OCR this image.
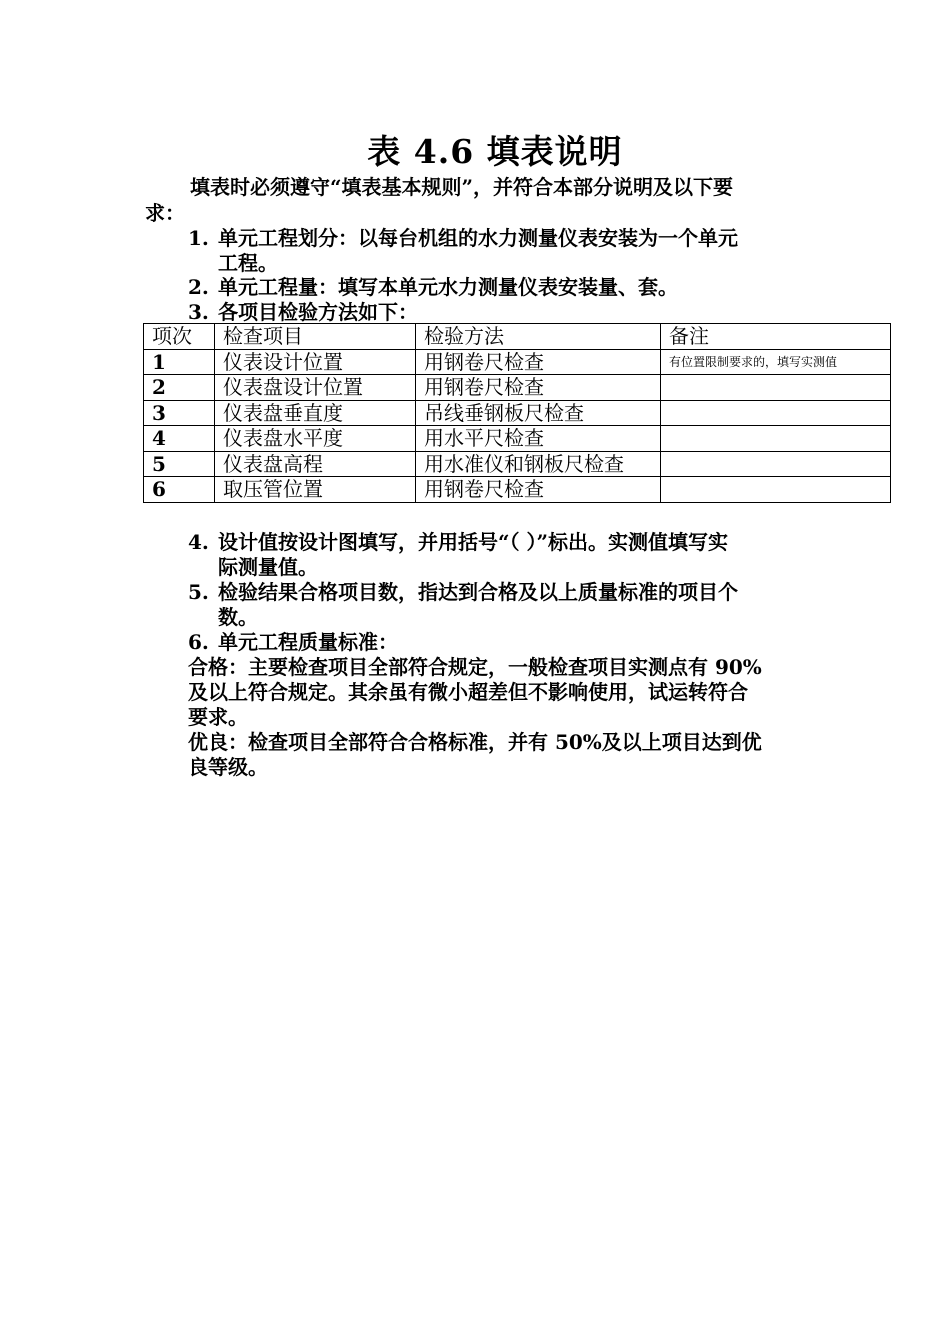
表 4.6 填表说明
填表时必须遵守“填表基本规则”，并符合本部分说明及以下要
求：
1. 单元工程划分：以每台机组的水力测量仪表安装为一个单元
工程。
2. 单元工程量：填写本单元水力测量仪表安装量、套。
3. 各项目检验方法如下：
项次	检查项目	检验方法	备注
1	仪表设计位置	用钢卷尺检查	有位置限制要求的，填写实测值
2	仪表盘设计位置	用钢卷尺检查	
3	仪表盘垂直度	吊线垂钢板尺检查	
4	仪表盘水平度	用水平尺检查	
5	仪表盘高程	用水准仪和钢板尺检查	
6	取压管位置	用钢卷尺检查	
4. 设计值按设计图填写，并用括号“（ ）”标出。实测值填写实
际测量值。
5. 检验结果合格项目数，指达到合格及以上质量标准的项目个
数。
6. 单元工程质量标准：
合格：主要检查项目全部符合规定，一般检查项目实测点有 90%
及以上符合规定。其余虽有微小超差但不影响使用，试运转符合
要求。
优良：检查项目全部符合合格标准，并有 50%及以上项目达到优
良等级。
